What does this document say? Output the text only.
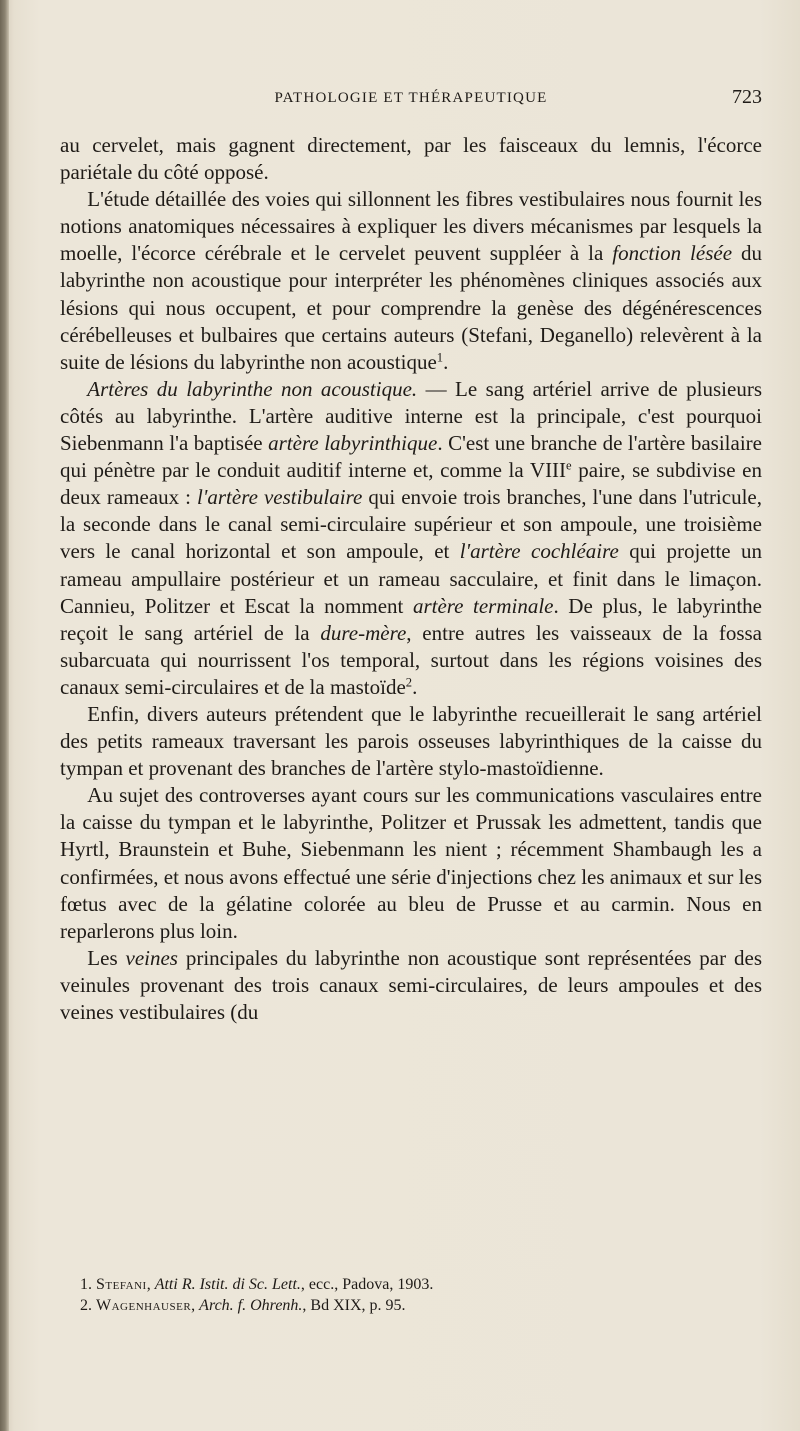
PATHOLOGIE ET THÉRAPEUTIQUE	723

au cervelet, mais gagnent directement, par les faisceaux du lemnis, l'écorce pariétale du côté opposé.

L'étude détaillée des voies qui sillonnent les fibres vestibulaires nous fournit les notions anatomiques nécessaires à expliquer les divers mécanismes par lesquels la moelle, l'écorce cérébrale et le cervelet peuvent suppléer à la fonction lésée du labyrinthe non acoustique pour interpréter les phénomènes cliniques associés aux lésions qui nous occupent, et pour comprendre la genèse des dégénérescences cérébelleuses et bulbaires que certains auteurs (Stefani, Deganello) relevèrent à la suite de lésions du labyrinthe non acoustique$^1$.

Artères du labyrinthe non acoustique. — Le sang artériel arrive de plusieurs côtés au labyrinthe. L'artère auditive interne est la principale, c'est pourquoi Siebenmann l'a baptisée artère labyrinthique. C'est une branche de l'artère basilaire qui pénètre par le conduit auditif interne et, comme la VIIIe paire, se subdivise en deux rameaux : l'artère vestibulaire qui envoie trois branches, l'une dans l'utricule, la seconde dans le canal semi-circulaire supérieur et son ampoule, une troisième vers le canal horizontal et son ampoule, et l'artère cochléaire qui projette un rameau ampullaire postérieur et un rameau sacculaire, et finit dans le limaçon. Cannieu, Politzer et Escat la nomment artère terminale. De plus, le labyrinthe reçoit le sang artériel de la dure-mère, entre autres les vaisseaux de la fossa subarcuata qui nourrissent l'os temporal, surtout dans les régions voisines des canaux semi-circulaires et de la mastoïde$^2$.

Enfin, divers auteurs prétendent que le labyrinthe recueillerait le sang artériel des petits rameaux traversant les parois osseuses labyrinthiques de la caisse du tympan et provenant des branches de l'artère stylo-mastoïdienne.

Au sujet des controverses ayant cours sur les communications vasculaires entre la caisse du tympan et le labyrinthe, Politzer et Prussak les admettent, tandis que Hyrtl, Braunstein et Buhe, Siebenmann les nient ; récemment Shambaugh les a confirmées, et nous avons effectué une série d'injections chez les animaux et sur les fœtus avec de la gélatine colorée au bleu de Prusse et au carmin. Nous en reparlerons plus loin.

Les veines principales du labyrinthe non acoustique sont représentées par des veinules provenant des trois canaux semi-circulaires, de leurs ampoules et des veines vestibulaires (du

1. Stefani, Atti R. Istit. di Sc. Lett., ecc., Padova, 1903.

2. Wagenhauser, Arch. f. Ohrenh., Bd XIX, p. 95.
